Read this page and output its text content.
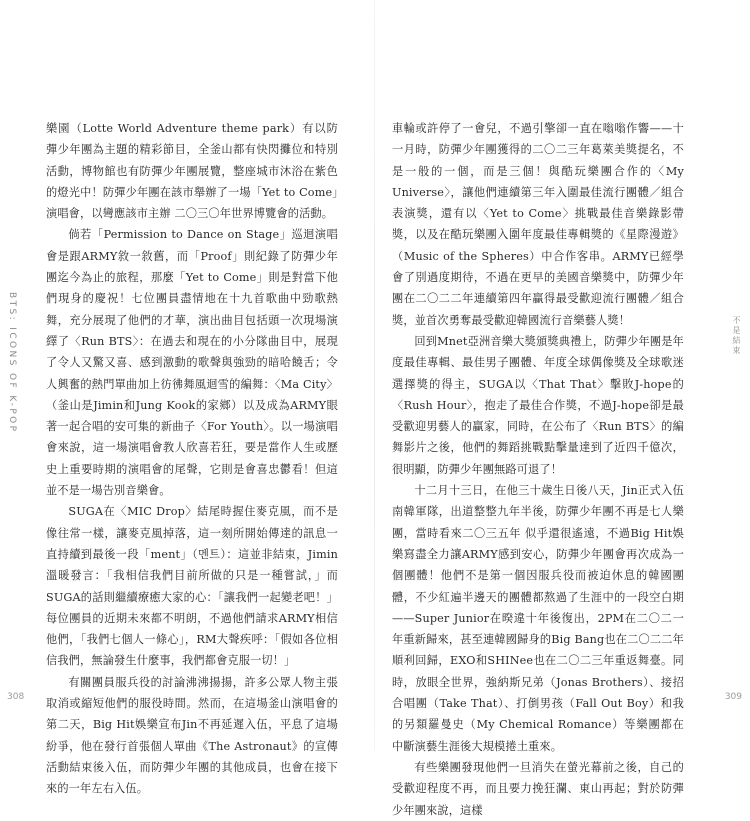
BTS: ICONS OF K-POP

樂園（Lotte World Adventure theme park）有以防彈少年團為主題的精彩節目，全釜山都有快閃攤位和特別活動，博物館也有防彈少年團展覽，整座城市沐浴在紫色的燈光中！防彈少年團在該市舉辦了一場「Yet to Come」演唱會，以彎應該市主辦 二〇三〇年世界博覽會的活動。

倘若「Permission to Dance on Stage」巡迴演唱會是跟ARMY敘一敘舊，而「Proof」則紀錄了防彈少年團迄今為止的旅程，那麼「Yet to Come」則是對當下他們現身的慶祝！七位團員盡情地在十九首歌曲中勁歌熱舞，充分展現了他們的才華，演出曲目包括頭一次現場演繹了〈Run BTS〉：在過去和現在的小分隊曲目中，展現了令人又驚又喜、感到激動的歌聲與強勁的暗哈饒舌；令人興奮的熱門單曲加上彷彿舞風迴雪的編舞：〈Ma City〉（釜山是Jimin和Jung Kook的家鄉）以及成為ARMY眼著一起合唱的安可集的新曲子〈For Youth〉。以一場演唱會來說，這一場演唱會教人欣喜若狂，要是當作人生或歷史上重要時期的演唱會的尾聲，它則是會喜忠鬱看！但這並不是一場告別音樂會。

SUGA在〈MIC Drop〉結尾時握住麥克風，而不是像往常一樣，讓麥克風掉落，這一刻所開始傳達的訊息一直持續到最後一段「ment」（멘트）：這並非結束，Jimin溫暖發言：「我相信我們目前所做的只是一種嘗試，」而SUGA的話則繼續療癒大家的心：「讓我們一起變老吧！」每位團員的近期未來都不明朗，不過他們請求ARMY相信他們，「我們七個人一條心」，RM大聲疾呼：「假如各位相信我們，無論發生什麼事，我們都會克服一切！」

有關團員服兵役的討論沸沸揚揚，許多公眾人物主張取消或縮短他們的服役時間。然而，在這場釜山演唱會的第二天，Big Hit娛樂宣布Jin不再延遲入伍，平息了這場紛爭，他在發行首張個人單曲《The Astronaut》的宣傳活動結束後入伍，而防彈少年團的其他成員，也會在接下來的一年左右入伍。

308

車輪或許停了一會兒，不過引擎卻一直在嗡嗡作響——十一月時，防彈少年團獲得的二〇二三年葛萊美獎提名，不是一般的一個，而是三個！與酷玩樂團合作的〈My Universe〉，讓他們連續第三年入圍最佳流行團體／組合表演獎，還有以〈Yet to Come〉挑戰最佳音樂錄影帶獎，以及在酷玩樂團入圍年度最佳專輯獎的《星際漫遊》（Music of the Spheres）中合作客串。ARMY已經學會了別過度期待，不過在更早的美國音樂獎中，防彈少年團在二〇二二年連續第四年贏得最受歡迎流行團體／組合獎，並首次勇奪最受歡迎韓國流行音樂藝人獎！

回到Mnet亞洲音樂大獎頒獎典禮上，防彈少年團是年度最佳專輯、最佳男子團體、年度全球偶像獎及全球歌迷選擇獎的得主，SUGA以〈That That〉擊敗J-hope的〈Rush Hour〉，抱走了最佳合作獎，不過J-hope卻是最受歡迎男藝人的贏家，同時，在公布了〈Run BTS〉的編舞影片之後，他們的舞蹈挑戰點擊量達到了近四千億次，很明顯，防彈少年團無路可退了！

十二月十三日，在他三十歲生日後八天，Jin正式入伍南韓軍隊，出道整整九年半後，防彈少年團不再是七人樂團，當時看來二〇三五年 似乎還很遙遠，不過Big Hit娛樂寫盡全力讓ARMY感到安心，防彈少年團會再次成為一個團體！他們不是第一個因服兵役而被迫休息的韓國團體，不少紅遍半邊天的團體都熬過了生涯中的一段空白期——Super Junior在暌違十年後復出，2PM在二〇二一年重新歸來，甚至連韓國歸身的Big Bang也在二〇二二年順利回歸，EXO和SHINee也在二〇二三年重返舞臺。同時，放眼全世界，強納斯兄弟（Jonas Brothers）、接招合唱團（Take That）、打倒男孩（Fall Out Boy）和我的另類羅曼史（My Chemical Romance）等樂團都在中斷演藝生涯後大規模捲土重來。

有些樂團發現他們一旦消失在螢光幕前之後，自己的受歡迎程度不再，而且要力挽狂瀾、東山再起；對於防彈少年團來說，這樣

不是結束
309
